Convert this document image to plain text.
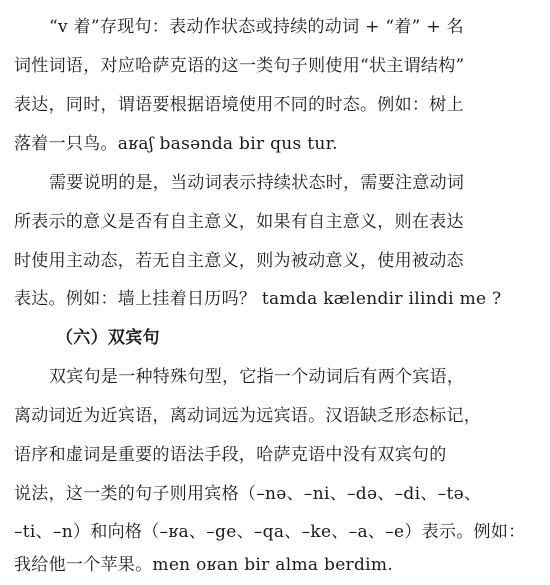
“v 着”存现句：表动作状态或持续的动词 + “着” + 名
词性词语，对应哈萨克语的这一类句子则使用“状主谓结构”
表达，同时，谓语要根据语境使用不同的时态。例如：树上
落着一只鸟。aʁaʃ basənda bir qus tur.
需要说明的是，当动词表示持续状态时，需要注意动词
所表示的意义是否有自主意义，如果有自主意义，则在表达
时使用主动态，若无自主意义，则为被动意义，使用被动态
表达。例如：墙上挂着日历吗？ tamda kælendir ilindi me ?
（六）双宾句
双宾句是一种特殊句型，它指一个动词后有两个宾语，
离动词近为近宾语，离动词远为远宾语。汉语缺乏形态标记，
语序和虚词是重要的语法手段，哈萨克语中没有双宾句的
说法，这一类的句子则用宾格（–nə、–ni、–də、–di、–tə、
–ti、–n）和向格（–ʁa、–ge、–qa、–ke、–a、–e）表示。例如：
我给他一个苹果。men oʁan bir alma berdim.
